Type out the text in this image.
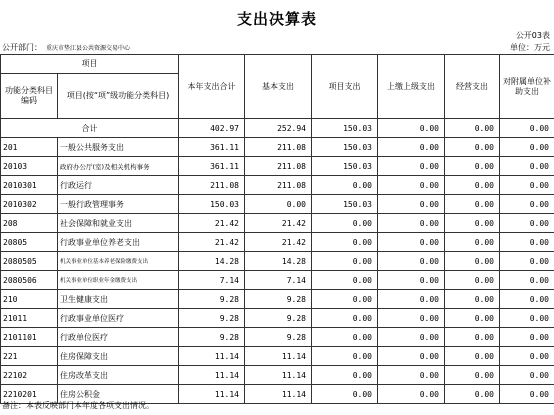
支出决算表
公开03表
公开部门： 重庆市垫江县公共资源交易中心	单位：万元
项目		本年支出合计	基本支出	项目支出	上缴上级支出	经营支出	对附属单位补助支出
功能分类科目编码	项目(按“项”级功能分类科目)						
合计		402.97	252.94	150.03	0.00	0.00	0.00
201	一般公共服务支出	361.11	211.08	150.03	0.00	0.00	0.00
20103	政府办公厅(室)及相关机构事务	361.11	211.08	150.03	0.00	0.00	0.00
2010301	行政运行	211.08	211.08	0.00	0.00	0.00	0.00
2010302	一般行政管理事务	150.03	0.00	150.03	0.00	0.00	0.00
208	社会保障和就业支出	21.42	21.42	0.00	0.00	0.00	0.00
20805	行政事业单位养老支出	21.42	21.42	0.00	0.00	0.00	0.00
2080505	机关事业单位基本养老保险缴费支出	14.28	14.28	0.00	0.00	0.00	0.00
2080506	机关事业单位职业年金缴费支出	7.14	7.14	0.00	0.00	0.00	0.00
210	卫生健康支出	9.28	9.28	0.00	0.00	0.00	0.00
21011	行政事业单位医疗	9.28	9.28	0.00	0.00	0.00	0.00
2101101	行政单位医疗	9.28	9.28	0.00	0.00	0.00	0.00
221	住房保障支出	11.14	11.14	0.00	0.00	0.00	0.00
22102	住房改革支出	11.14	11.14	0.00	0.00	0.00	0.00
2210201	住房公积金	11.14	11.14	0.00	0.00	0.00	0.00
备注：本表反映部门本年度各项支出情况。
